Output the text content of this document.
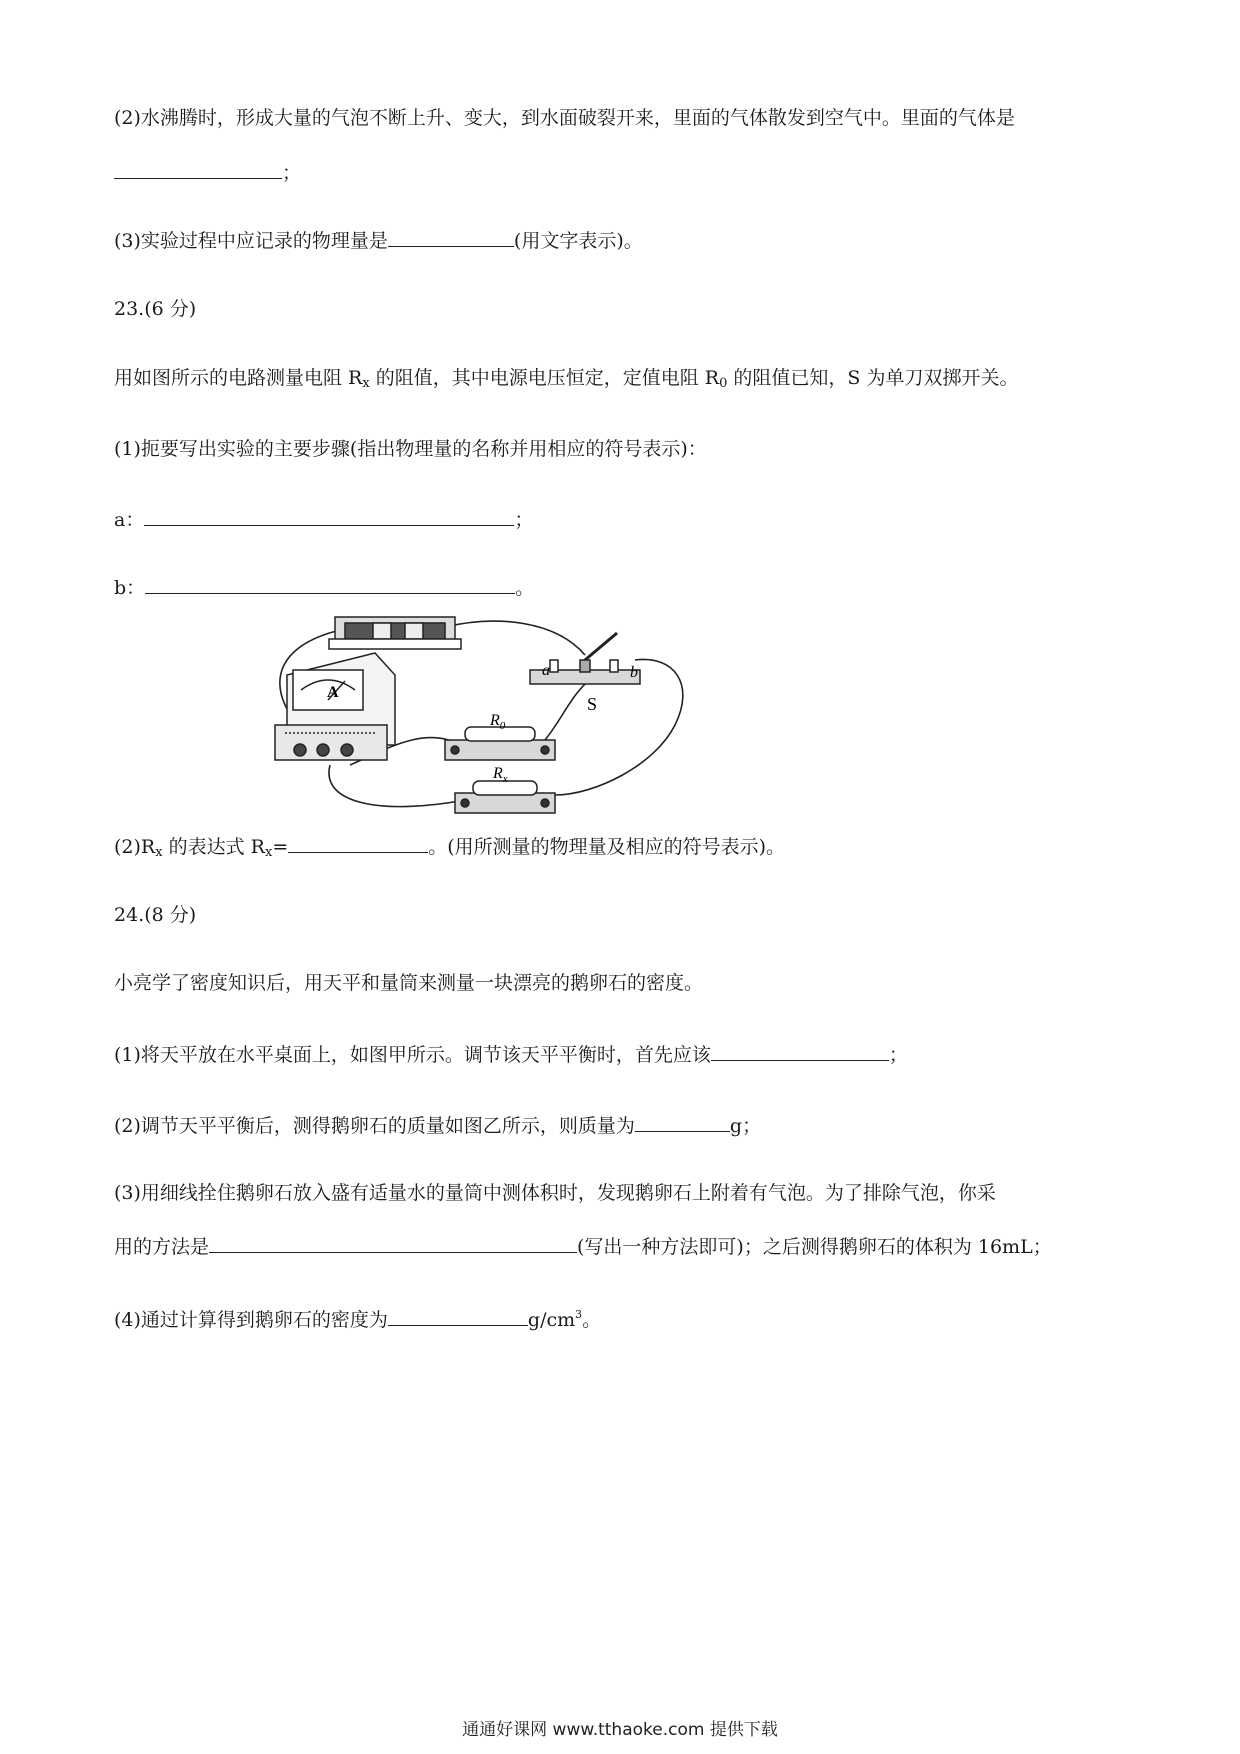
(2)水沸腾时，形成大量的气泡不断上升、变大，到水面破裂开来，里面的气体散发到空气中。里面的气体是
；
(3)实验过程中应记录的物理量是	(用文字表示)。
23.(6 分)
用如图所示的电路测量电阻 $R_x$ 的阻值，其中电源电压恒定，定值电阻 $R_0$ 的阻值已知，S 为单刀双掷开关。
(1)扼要写出实验的主要步骤(指出物理量的名称并用相应的符号表示)：
a：	；
b：	。
A
$R_0$
$R_x$
S
a	b
$(2)R_x$ 的表达式 $R_x=$	。(用所测量的物理量及相应的符号表示)。
24.(8 分)
小亮学了密度知识后，用天平和量筒来测量一块漂亮的鹅卵石的密度。
(1)将天平放在水平桌面上，如图甲所示。调节该天平平衡时，首先应该	；
(2)调节天平平衡后，测得鹅卵石的质量如图乙所示，则质量为	g；
(3)用细线拴住鹅卵石放入盛有适量水的量筒中测体积时，发现鹅卵石上附着有气泡。为了排除气泡，你采
用的方法是	(写出一种方法即可)；之后测得鹅卵石的体积为 16mL；
(4)通过计算得到鹅卵石的密度为	$g/cm^3$。
通通好课网 www.tthaoke.com 提供下载
